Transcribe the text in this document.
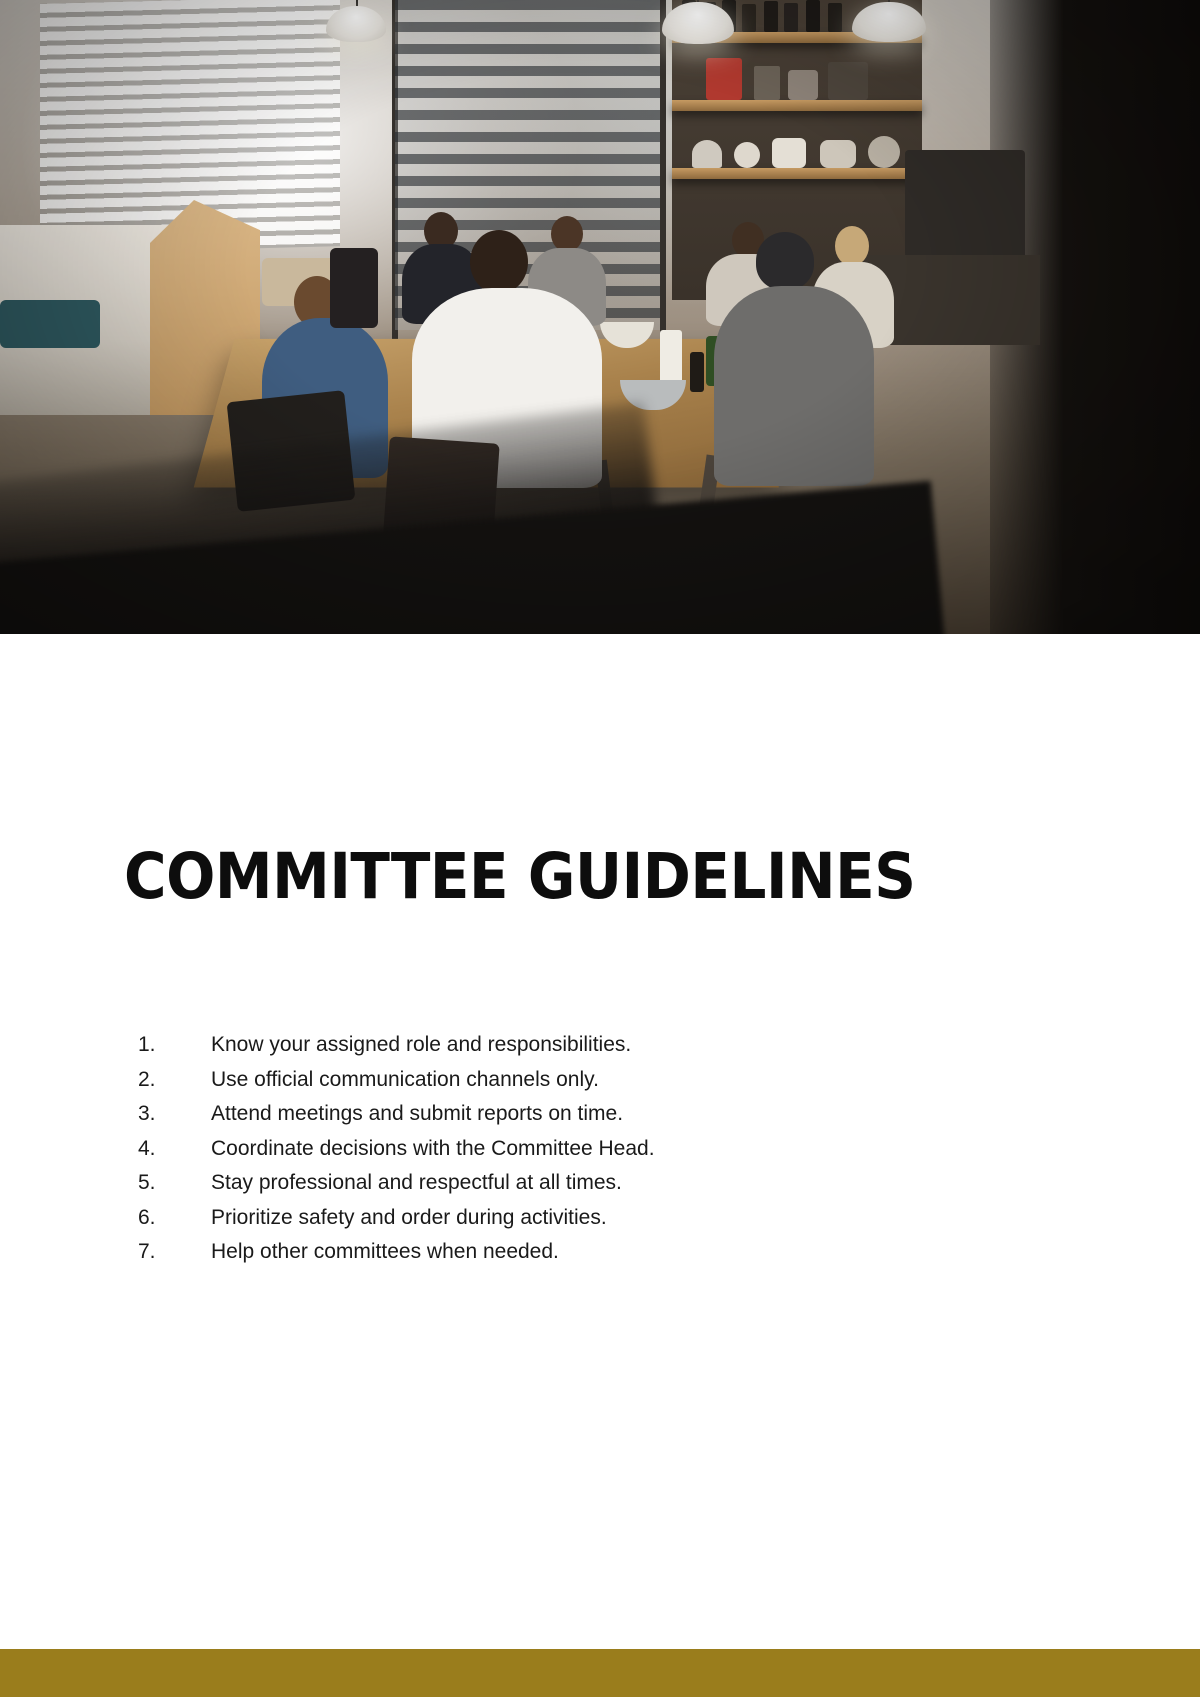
COMMITTEE GUIDELINES
1.	Know your assigned role and responsibilities.
2.	Use official communication channels only.
3.	Attend meetings and submit reports on time.
4.	Coordinate decisions with the Committee Head.
5.	Stay professional and respectful at all times.
6.	Prioritize safety and order during activities.
7.	Help other committees when needed.
